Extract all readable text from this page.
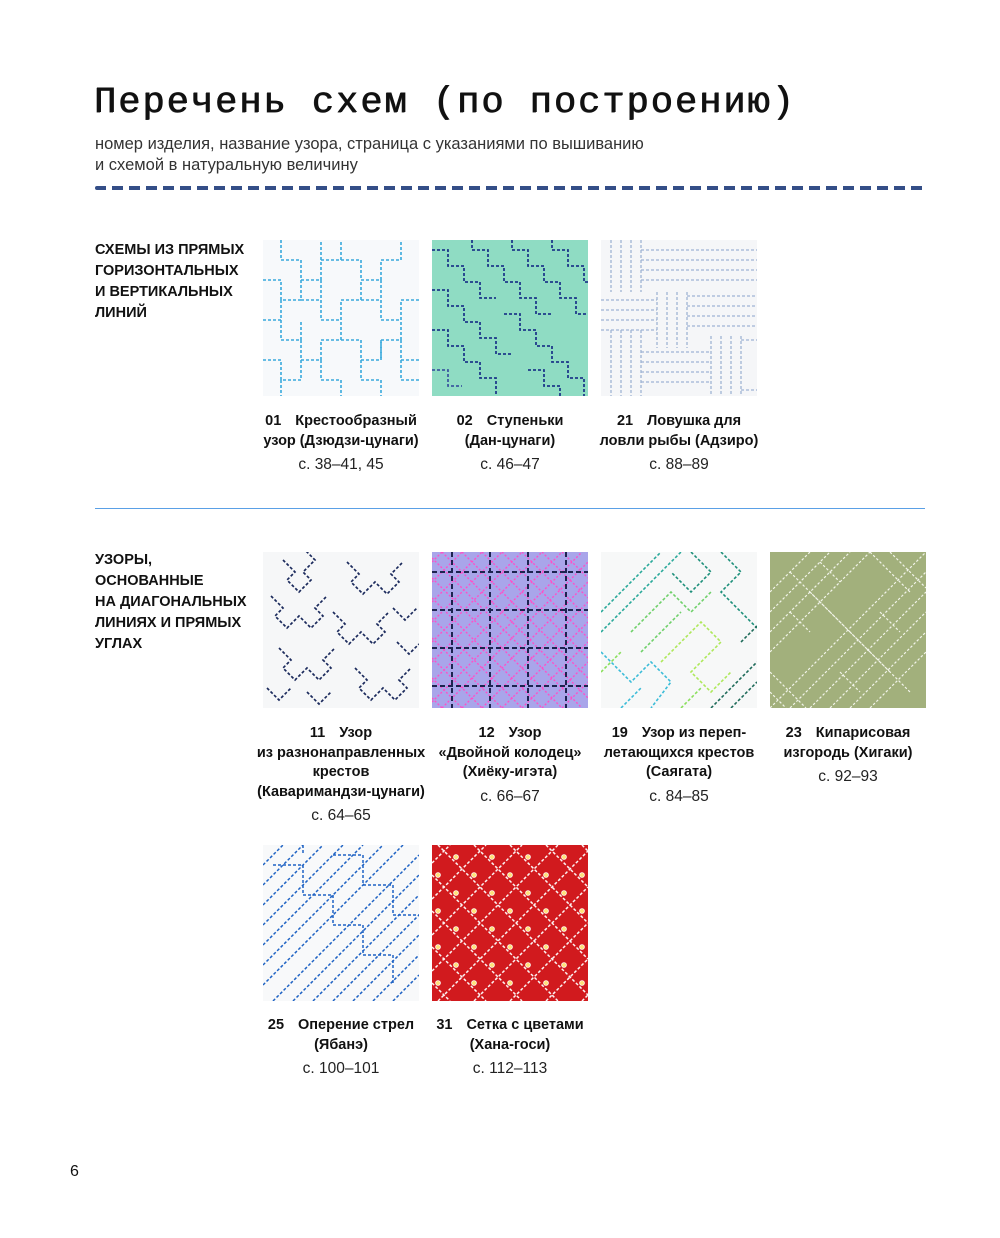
Перечень схем (по построению)
номер изделия, название узора, страница с указаниями по вышиванию
и схемой в натуральную величину
СХЕМЫ ИЗ ПРЯМЫХ
ГОРИЗОНТАЛЬНЫХ
И ВЕРТИКАЛЬНЫХ
ЛИНИЙ
01 Крестообразный
узор (Дзюдзи-цунаги)
с. 38–41, 45
02 Ступеньки
(Дан-цунаги)
с. 46–47
21 Ловушка для
ловли рыбы (Адзиро)
с. 88–89
УЗОРЫ,
ОСНОВАННЫЕ
НА ДИАГОНАЛЬНЫХ
ЛИНИЯХ И ПРЯМЫХ
УГЛАХ
11 Узор
из разнонаправленных
крестов
(Каваримандзи-цунаги)
с. 64–65
12 Узор
«Двойной колодец»
(Хиёку-игэта)
с. 66–67
19 Узор из переп-
летающихся крестов
(Саягата)
с. 84–85
23 Кипарисовая
изгородь (Хигаки)
с. 92–93
25 Оперение стрел
(Ябанэ)
с. 100–101
31 Сетка с цветами
(Хана-госи)
с. 112–113
6
